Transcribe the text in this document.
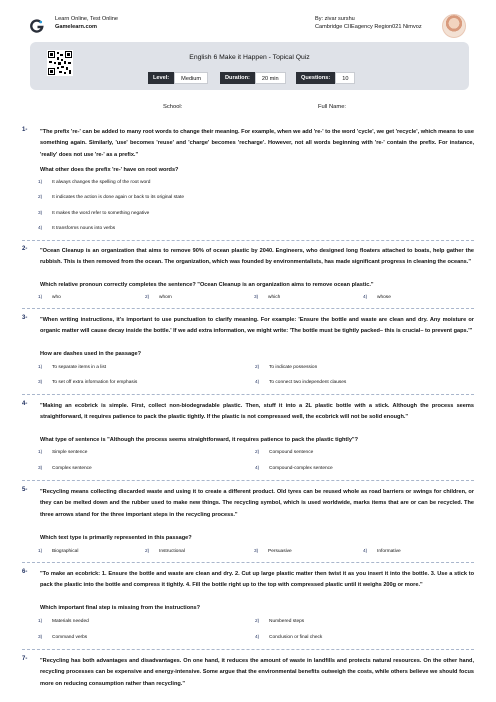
Learn Online, Test Online
Gamelearn.com
By: zivar surshu
Cambridge CIIEagency Region021 Nimvoz
English 6 Make it Happen - Topical Quiz
Level:	Medium	Duration:	20 min	Questions:	10
School:	Full Name:
1- "The prefix 're-' can be added to many root words to change their meaning. For example, when we add 're-' to the word 'cycle', we get 'recycle', which means to use something again. Similarly, 'use' becomes 'reuse' and 'charge' becomes 'recharge'. However, not all words beginning with 're-' contain the prefix. For instance, 'really' does not use 're-' as a prefix."
What other does the prefix 're-' have on root words?
1) It always changes the spelling of the root word
2) It indicates the action is done again or back to its original state
3) It makes the word refer to something negative
4) It transforms nouns into verbs
2- "Ocean Cleanup is an organization that aims to remove 90% of ocean plastic by 2040. Engineers, who designed long floaters attached to boats, help gather the rubbish. This is then removed from the ocean. The organization, which was founded by environmentalists, has made significant progress in cleaning the oceans."
Which relative pronoun correctly completes the sentence? "Ocean Cleanup is an organization aims to remove ocean plastic."
1) who	2) whom	3) which	4) whose
3- "When writing instructions, it's important to use punctuation to clarify meaning. For example: 'Ensure the bottle and waste are clean and dry. Any moisture or organic matter will cause decay inside the bottle.' If we add extra information, we might write: 'The bottle must be tightly packed– this is crucial– to prevent gaps.'"
How are dashes used in the passage?
1) To separate items in a list	2) To indicate possession
3) To set off extra information for emphasis	4) To connect two independent clauses
4- "Making an ecobrick is simple. First, collect non-biodegradable plastic. Then, stuff it into a 2L plastic bottle with a stick. Although the process seems straightforward, it requires patience to pack the plastic tightly. If the plastic is not compressed well, the ecobrick will not be solid enough."
What type of sentence is "Although the process seems straightforward, it requires patience to pack the plastic tightly"?
1) Simple sentence	2) Compound sentence
3) Complex sentence	4) Compound-complex sentence
5- "Recycling means collecting discarded waste and using it to create a different product. Old tyres can be reused whole as road barriers or swings for children, or they can be melted down and the rubber used to make new things. The recycling symbol, which is used worldwide, marks items that are or can be recycled. The three arrows stand for the three important steps in the recycling process."
Which text type is primarily represented in this passage?
1) Biographical	2) Instructional	3) Persuasive	4) Informative
6- "To make an ecobrick: 1. Ensure the bottle and waste are clean and dry. 2. Cut up large plastic matter then twist it as you insert it into the bottle. 3. Use a stick to pack the plastic into the bottle and compress it tightly. 4. Fill the bottle right up to the top with compressed plastic until it weighs 200g or more."
Which important final step is missing from the instructions?
1) Materials needed	2) Numbered steps
3) Command verbs	4) Conclusion or final check
7- "Recycling has both advantages and disadvantages. On one hand, it reduces the amount of waste in landfills and protects natural resources. On the other hand, recycling processes can be expensive and energy-intensive. Some argue that the environmental benefits outweigh the costs, while others believe we should focus more on reducing consumption rather than recycling."
